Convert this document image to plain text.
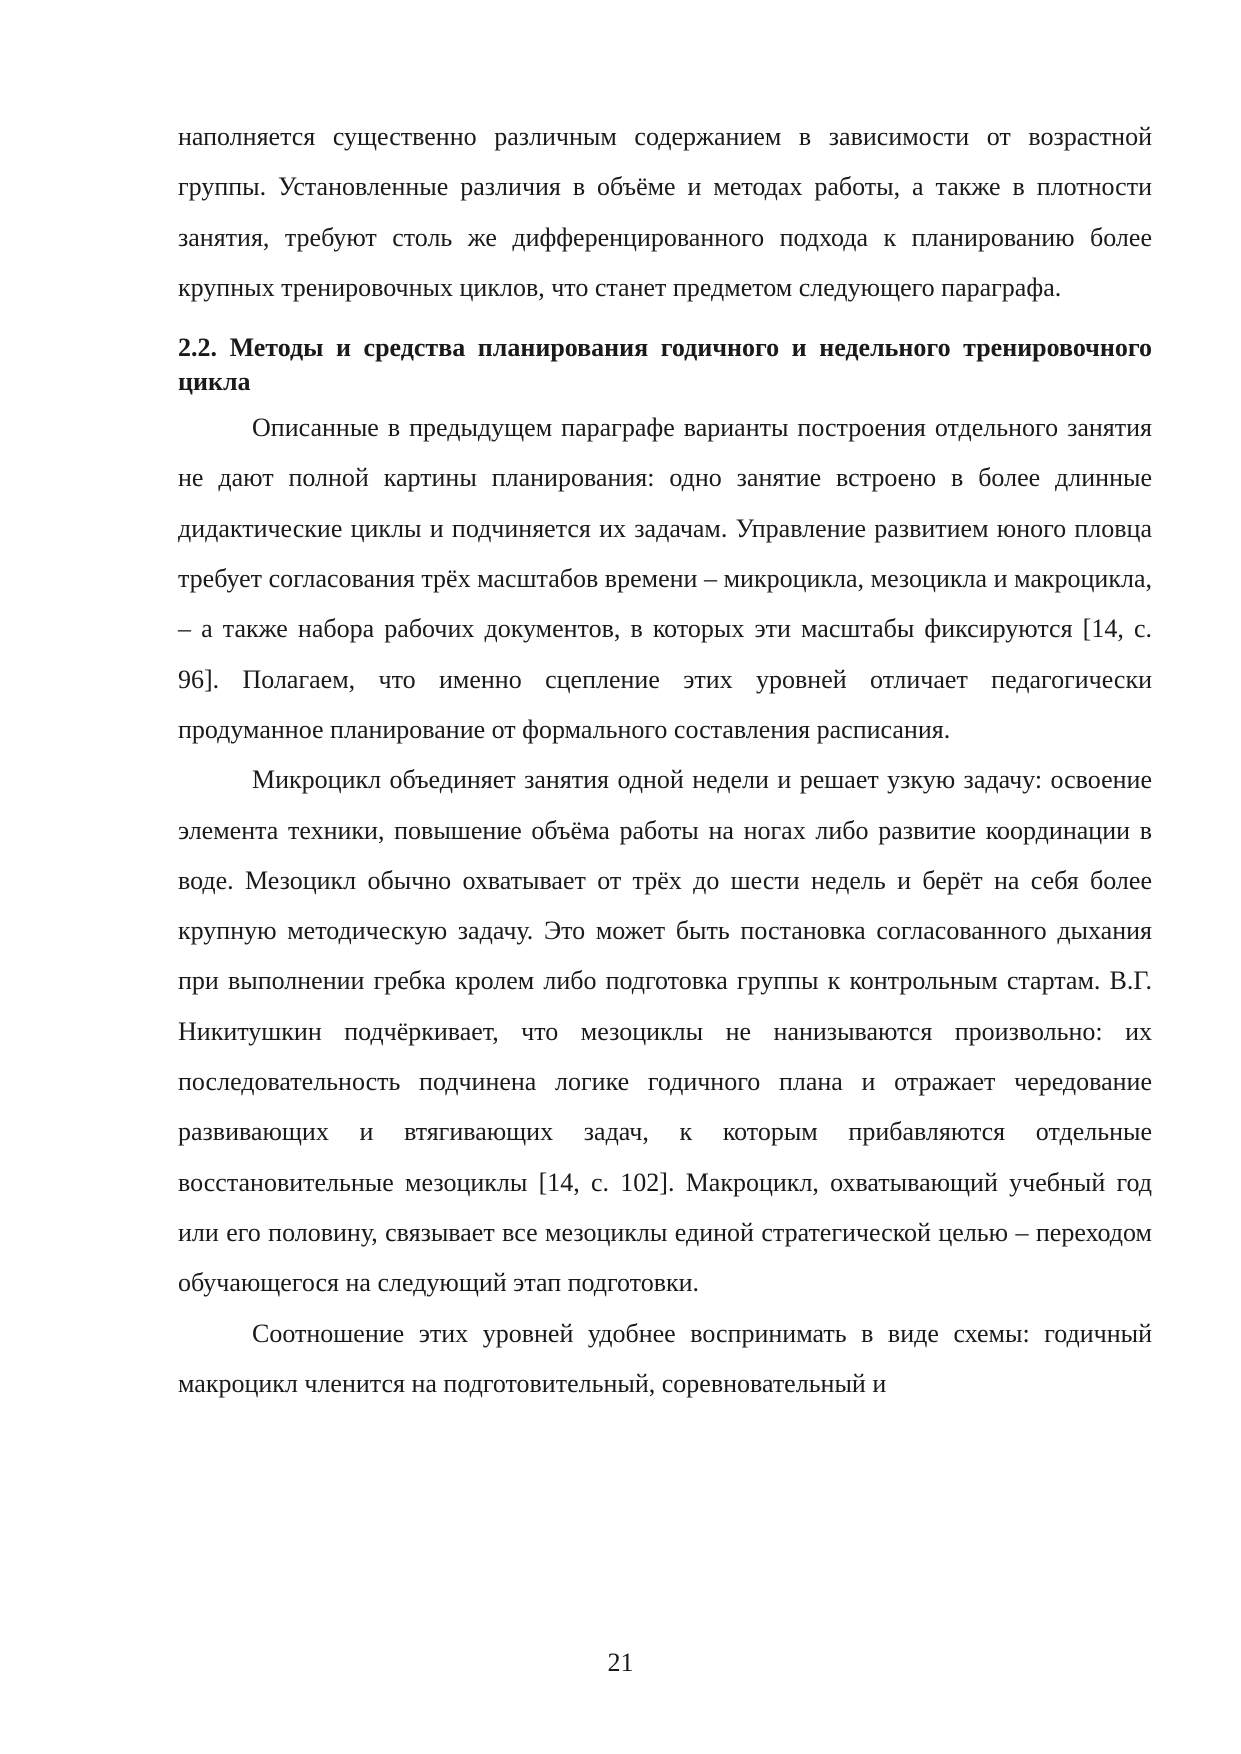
наполняется существенно различным содержанием в зависимости от возрастной группы. Установленные различия в объёме и методах работы, а также в плотности занятия, требуют столь же дифференцированного подхода к планированию более крупных тренировочных циклов, что станет предметом следующего параграфа.

2.2. Методы и средства планирования годичного и недельного тренировочного цикла

Описанные в предыдущем параграфе варианты построения отдельного занятия не дают полной картины планирования: одно занятие встроено в более длинные дидактические циклы и подчиняется их задачам. Управление развитием юного пловца требует согласования трёх масштабов времени – микроцикла, мезоцикла и макроцикла, – а также набора рабочих документов, в которых эти масштабы фиксируются [14, с. 96]. Полагаем, что именно сцепление этих уровней отличает педагогически продуманное планирование от формального составления расписания.

Микроцикл объединяет занятия одной недели и решает узкую задачу: освоение элемента техники, повышение объёма работы на ногах либо развитие координации в воде. Мезоцикл обычно охватывает от трёх до шести недель и берёт на себя более крупную методическую задачу. Это может быть постановка согласованного дыхания при выполнении гребка кролем либо подготовка группы к контрольным стартам. В.Г. Никитушкин подчёркивает, что мезоциклы не нанизываются произвольно: их последовательность подчинена логике годичного плана и отражает чередование развивающих и втягивающих задач, к которым прибавляются отдельные восстановительные мезоциклы [14, с. 102]. Макроцикл, охватывающий учебный год или его половину, связывает все мезоциклы единой стратегической целью – переходом обучающегося на следующий этап подготовки.

Соотношение этих уровней удобнее воспринимать в виде схемы: годичный макроцикл членится на подготовительный, соревновательный и

21
